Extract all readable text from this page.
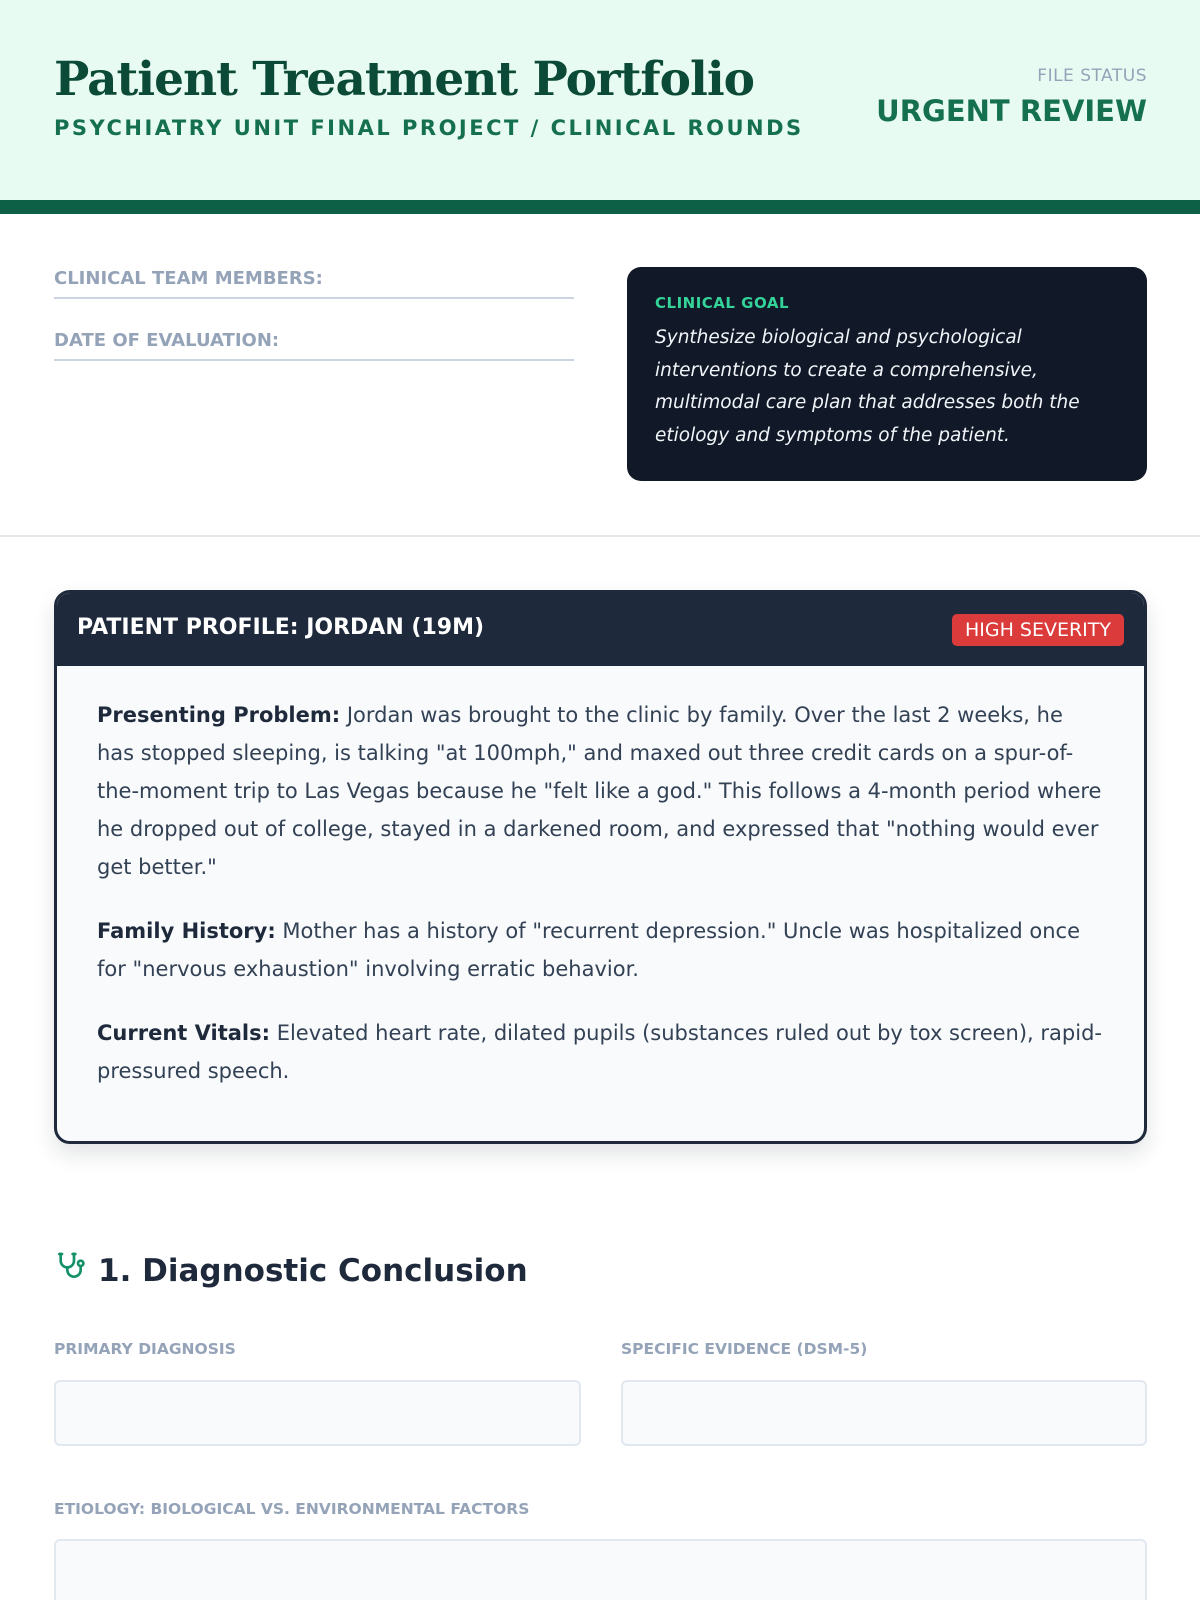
Patient Treatment Portfolio
PSYCHIATRY UNIT FINAL PROJECT / CLINICAL ROUNDS
FILE STATUS
URGENT REVIEW
CLINICAL TEAM MEMBERS:
DATE OF EVALUATION:
CLINICAL GOAL
Synthesize biological and psychological interventions to create a comprehensive, multimodal care plan that addresses both the etiology and symptoms of the patient.
PATIENT PROFILE: JORDAN (19M)	HIGH SEVERITY

Presenting Problem: Jordan was brought to the clinic by family. Over the last 2 weeks, he has stopped sleeping, is talking "at 100mph," and maxed out three credit cards on a spur-of-the-moment trip to Las Vegas because he "felt like a god." This follows a 4-month period where he dropped out of college, stayed in a darkened room, and expressed that "nothing would ever get better."

Family History: Mother has a history of "recurrent depression." Uncle was hospitalized once for "nervous exhaustion" involving erratic behavior.

Current Vitals: Elevated heart rate, dilated pupils (substances ruled out by tox screen), rapid-pressured speech.

1. Diagnostic Conclusion
PRIMARY DIAGNOSIS	SPECIFIC EVIDENCE (DSM-5)
ETIOLOGY: BIOLOGICAL VS. ENVIRONMENTAL FACTORS
